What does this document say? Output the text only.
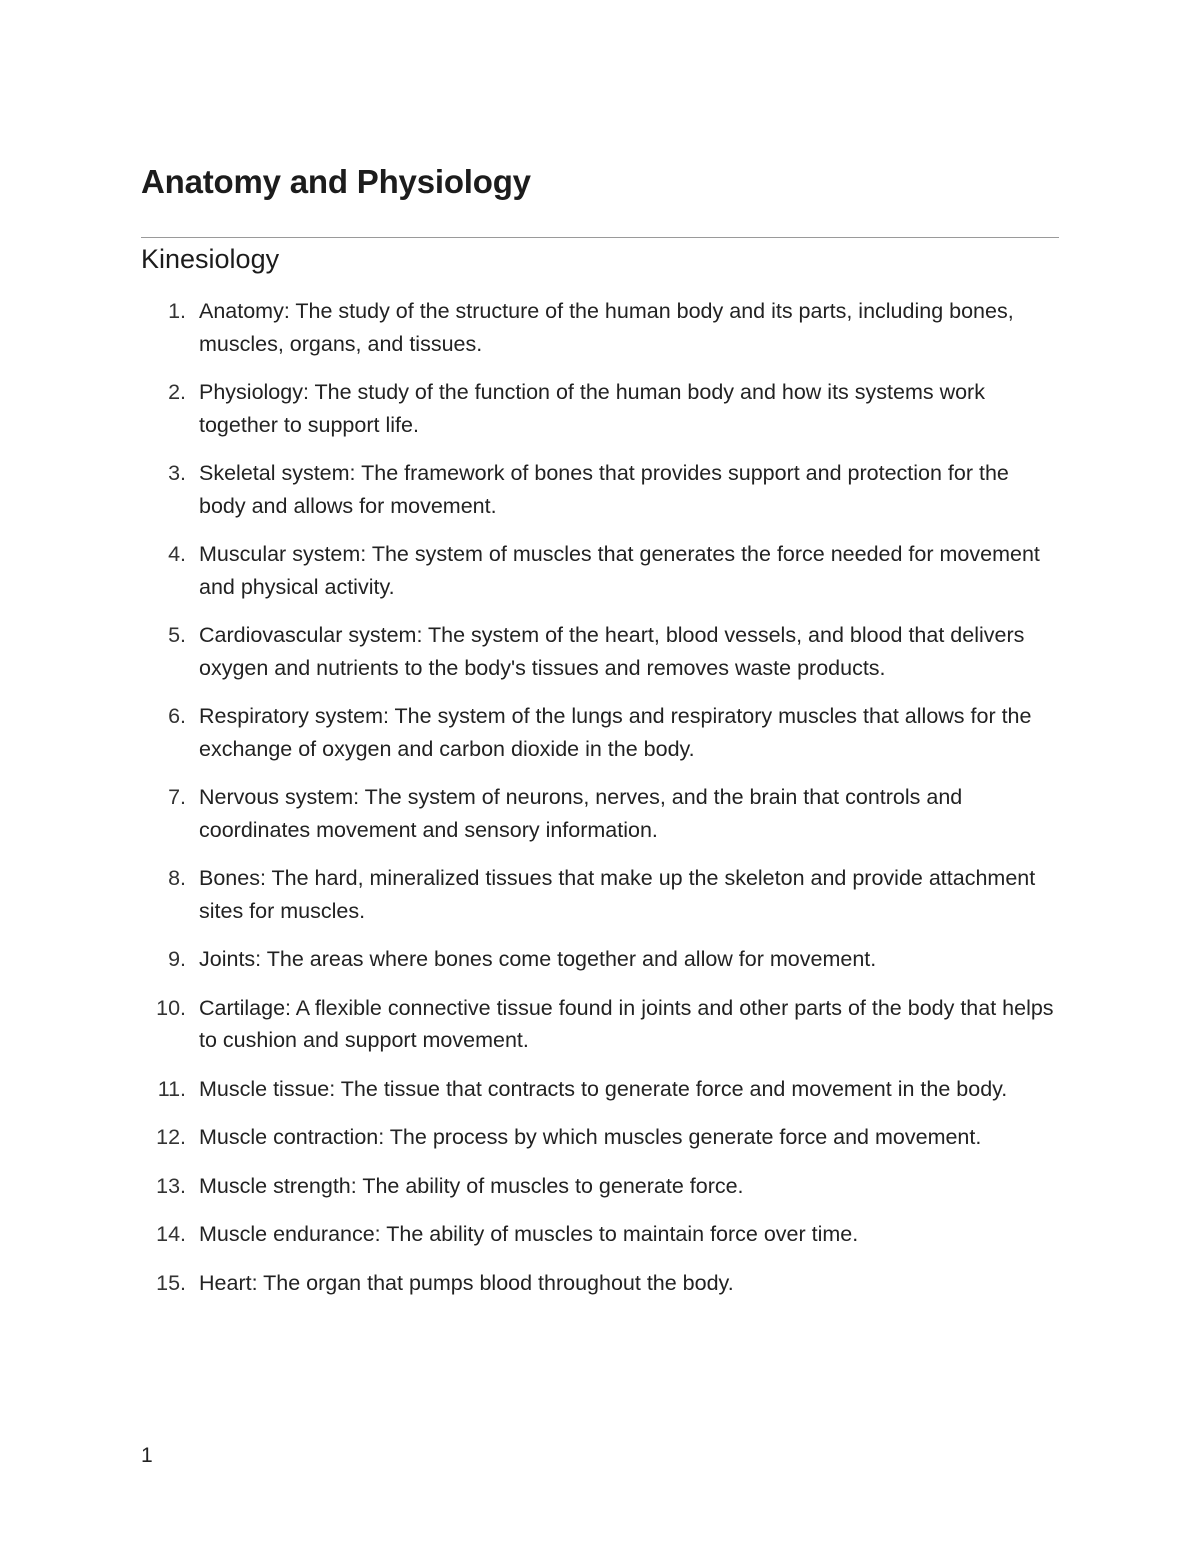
Anatomy and Physiology
Kinesiology
1. Anatomy: The study of the structure of the human body and its parts, including bones, muscles, organs, and tissues.
2. Physiology: The study of the function of the human body and how its systems work together to support life.
3. Skeletal system: The framework of bones that provides support and protection for the body and allows for movement.
4. Muscular system: The system of muscles that generates the force needed for movement and physical activity.
5. Cardiovascular system: The system of the heart, blood vessels, and blood that delivers oxygen and nutrients to the body's tissues and removes waste products.
6. Respiratory system: The system of the lungs and respiratory muscles that allows for the exchange of oxygen and carbon dioxide in the body.
7. Nervous system: The system of neurons, nerves, and the brain that controls and coordinates movement and sensory information.
8. Bones: The hard, mineralized tissues that make up the skeleton and provide attachment sites for muscles.
9. Joints: The areas where bones come together and allow for movement.
10. Cartilage: A flexible connective tissue found in joints and other parts of the body that helps to cushion and support movement.
11. Muscle tissue: The tissue that contracts to generate force and movement in the body.
12. Muscle contraction: The process by which muscles generate force and movement.
13. Muscle strength: The ability of muscles to generate force.
14. Muscle endurance: The ability of muscles to maintain force over time.
15. Heart: The organ that pumps blood throughout the body.
1
